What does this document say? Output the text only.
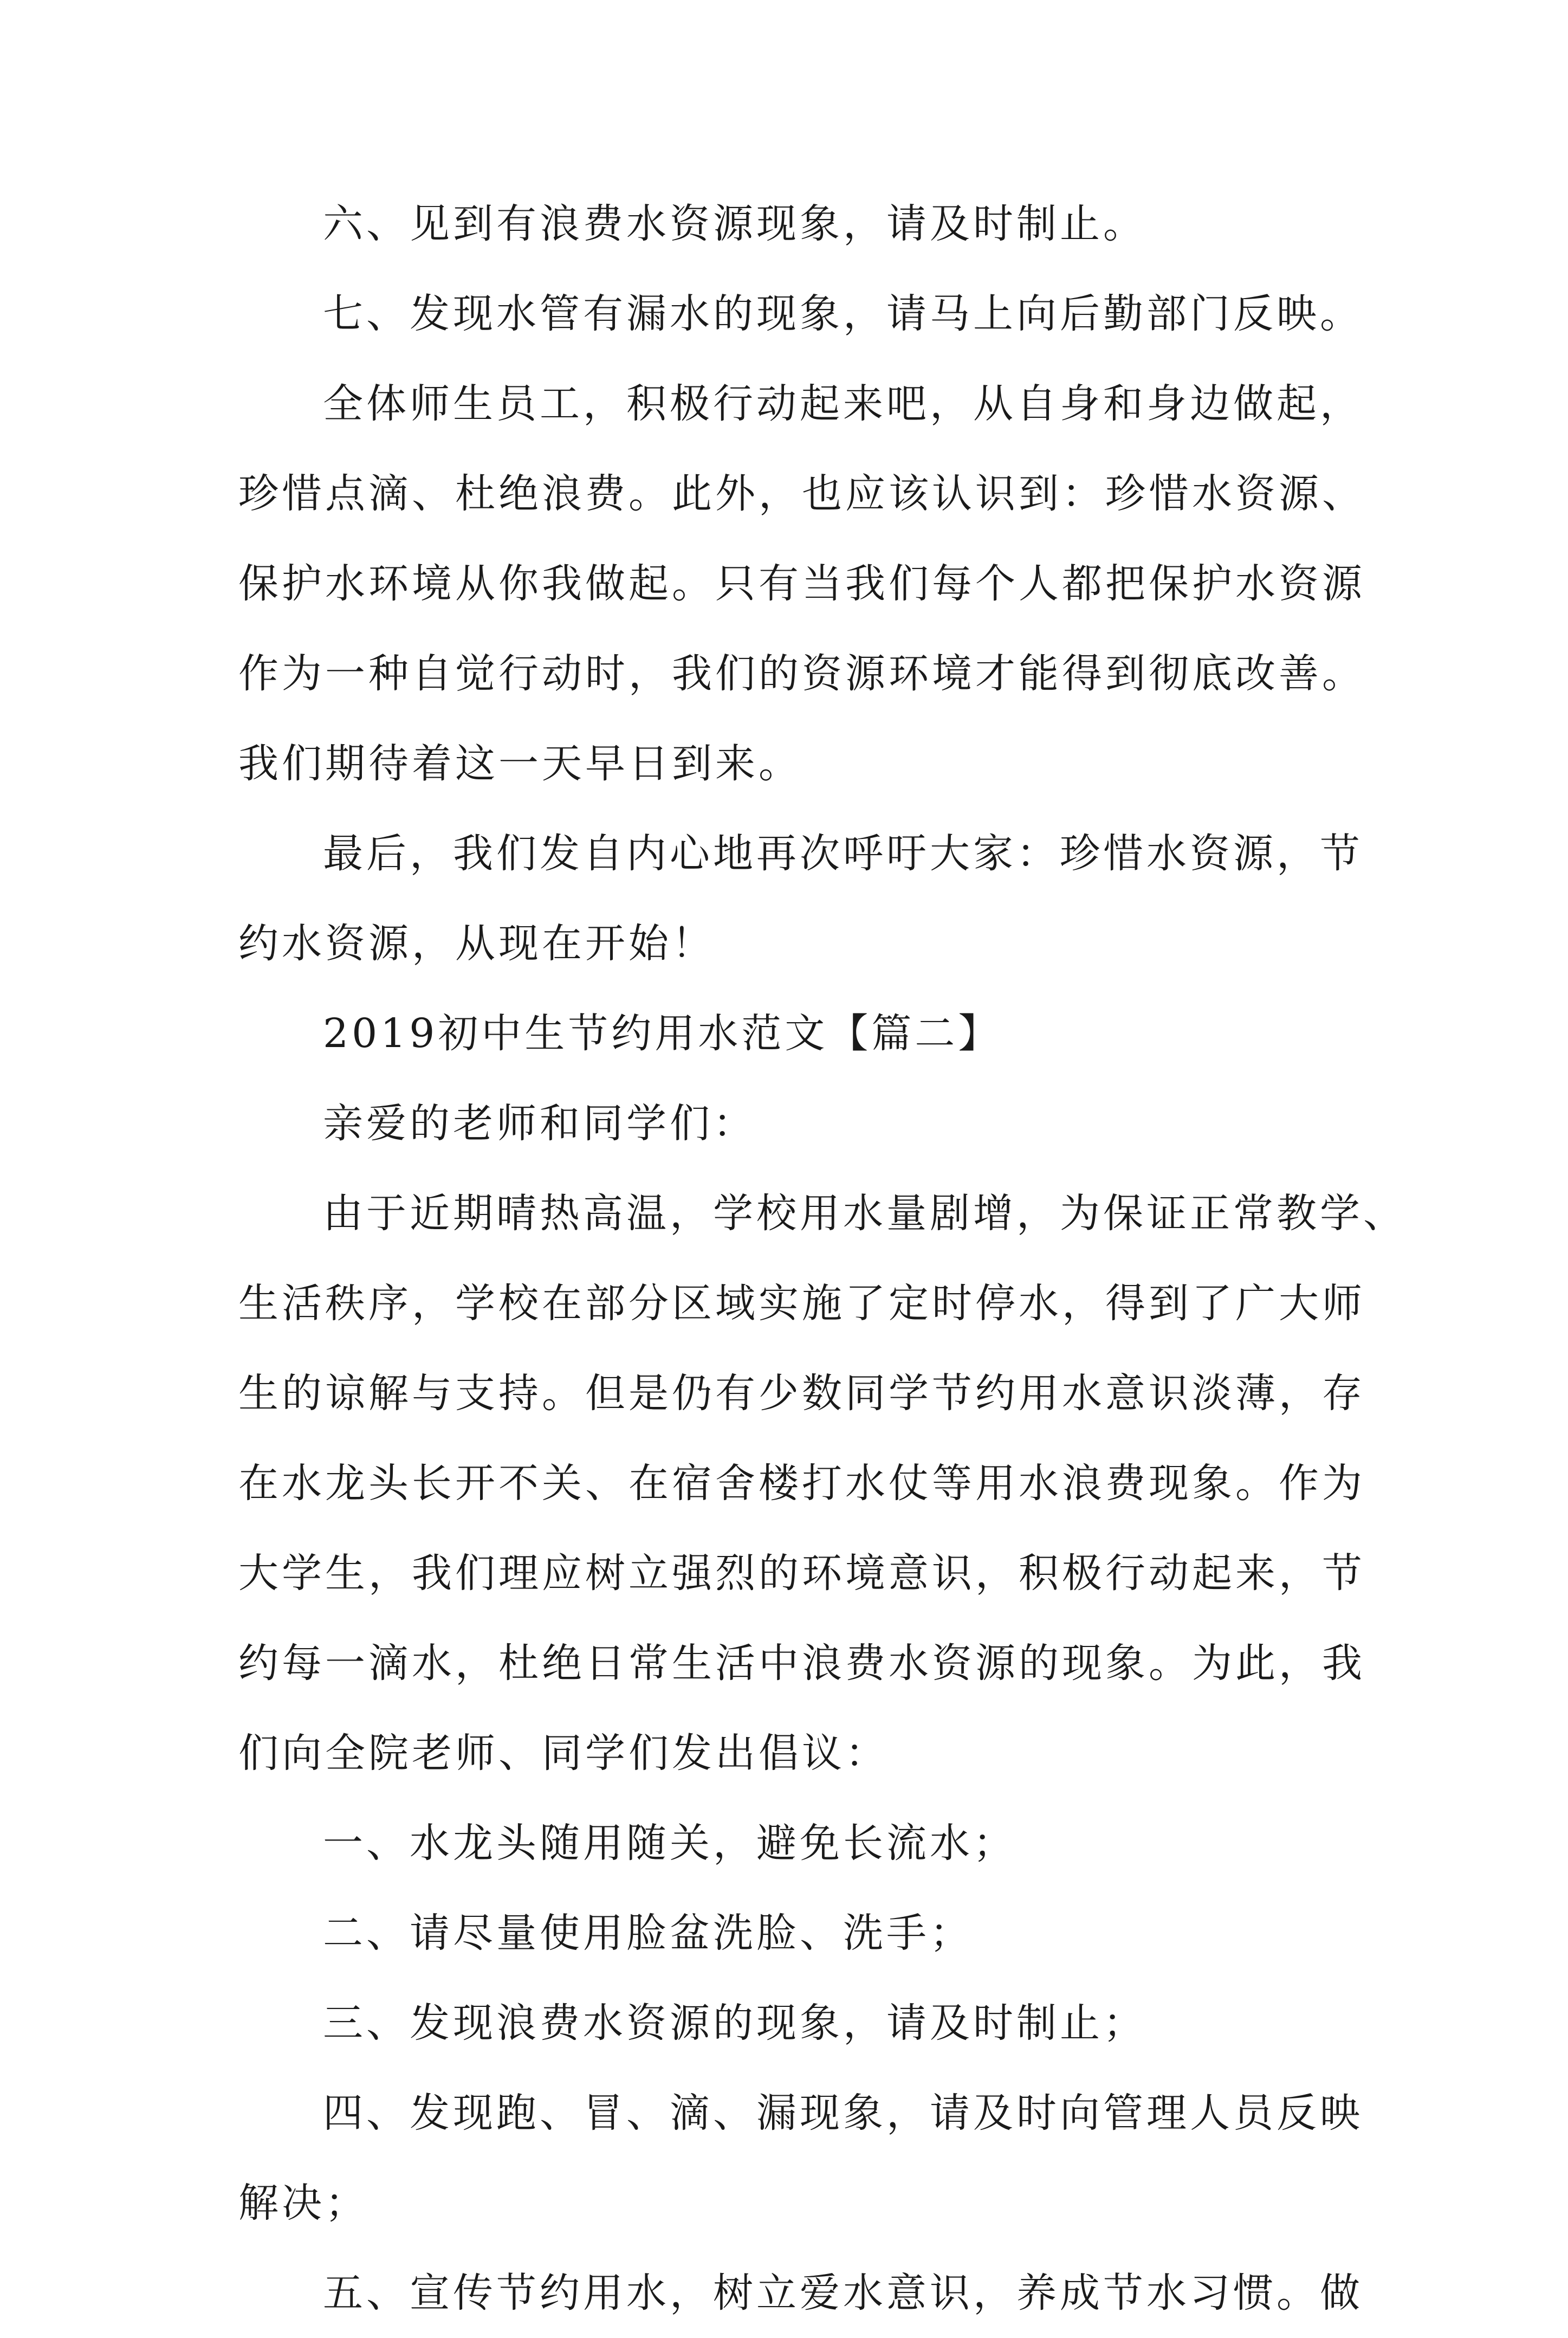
六、见到有浪费水资源现象，请及时制止。
七、发现水管有漏水的现象，请马上向后勤部门反映。
全体师生员工，积极行动起来吧，从自身和身边做起，
珍惜点滴、杜绝浪费。此外，也应该认识到：珍惜水资源、
保护水环境从你我做起。只有当我们每个人都把保护水资源
作为一种自觉行动时，我们的资源环境才能得到彻底改善。
我们期待着这一天早日到来。
最后，我们发自内心地再次呼吁大家：珍惜水资源，节
约水资源，从现在开始！
2019初中生节约用水范文【篇二】
亲爱的老师和同学们：
由于近期晴热高温，学校用水量剧增，为保证正常教学、
生活秩序，学校在部分区域实施了定时停水，得到了广大师
生的谅解与支持。但是仍有少数同学节约用水意识淡薄，存
在水龙头长开不关、在宿舍楼打水仗等用水浪费现象。作为
大学生，我们理应树立强烈的环境意识，积极行动起来，节
约每一滴水，杜绝日常生活中浪费水资源的现象。为此，我
们向全院老师、同学们发出倡议：
一、水龙头随用随关，避免长流水；
二、请尽量使用脸盆洗脸、洗手；
三、发现浪费水资源的现象，请及时制止；
四、发现跑、冒、滴、漏现象，请及时向管理人员反映
解决；
五、宣传节约用水，树立爱水意识，养成节水习惯。做
